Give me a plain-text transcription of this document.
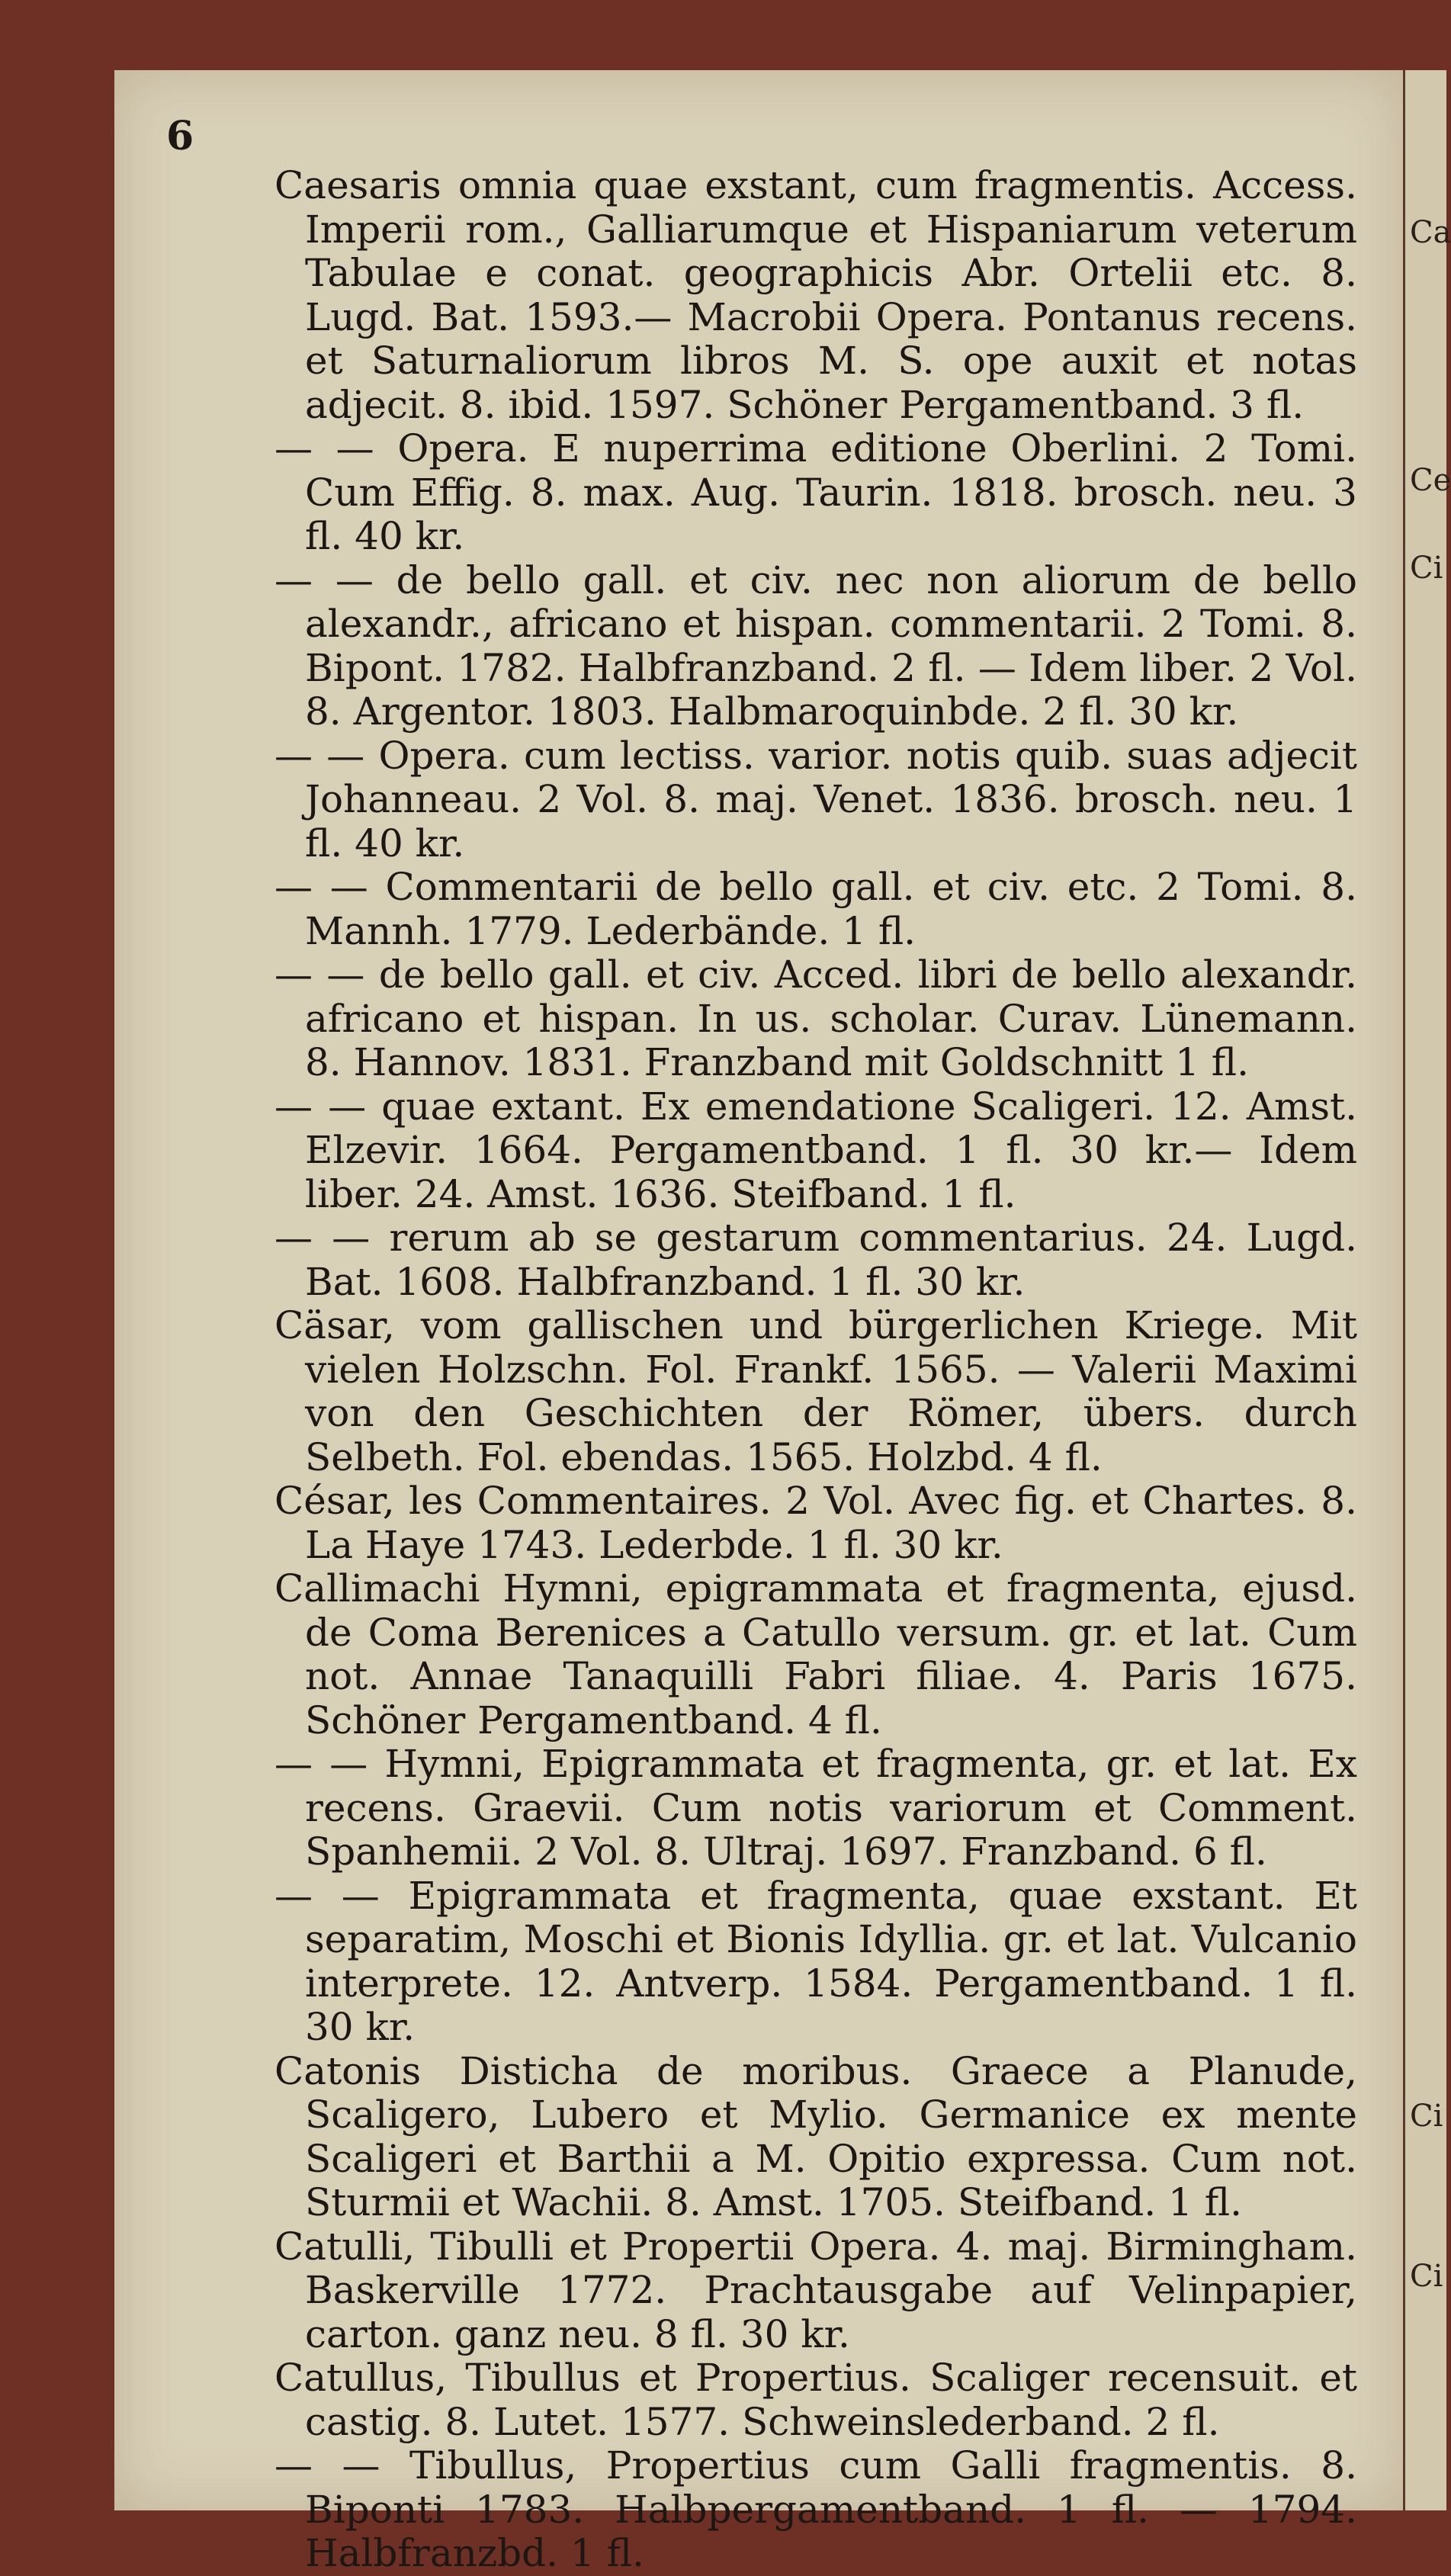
Ca
Ce
Ci
Ci
Ci
6

Caesaris omnia quae exstant, cum fragmentis. Access. Imperii rom., Galliarumque et Hispaniarum veterum Tabulae e conat. geographicis Abr. Ortelii etc. 8. Lugd. Bat. 1593.— Macrobii Opera. Pontanus recens. et Saturnaliorum libros M. S. ope auxit et notas adjecit. 8. ibid. 1597. Schöner Pergamentband. 3 fl.

— — Opera. E nuperrima editione Oberlini. 2 Tomi. Cum Effig. 8. max. Aug. Taurin. 1818. brosch. neu. 3 fl. 40 kr.

— — de bello gall. et civ. nec non aliorum de bello alexandr., africano et hispan. commentarii. 2 Tomi. 8. Bipont. 1782. Halbfranzband. 2 fl. — Idem liber. 2 Vol. 8. Argentor. 1803. Halbmaroquinbde. 2 fl. 30 kr.

— — Opera. cum lectiss. varior. notis quib. suas adjecit Johanneau. 2 Vol. 8. maj. Venet. 1836. brosch. neu. 1 fl. 40 kr.

— — Commentarii de bello gall. et civ. etc. 2 Tomi. 8. Mannh. 1779. Lederbände. 1 fl.

— — de bello gall. et civ. Acced. libri de bello alexandr. africano et hispan. In us. scholar. Curav. Lünemann. 8. Hannov. 1831. Franzband mit Goldschnitt 1 fl.

— — quae extant. Ex emendatione Scaligeri. 12. Amst. Elzevir. 1664. Pergamentband. 1 fl. 30 kr.— Idem liber. 24. Amst. 1636. Steifband. 1 fl.

— — rerum ab se gestarum commentarius. 24. Lugd. Bat. 1608. Halbfranzband. 1 fl. 30 kr.

Cäsar, vom gallischen und bürgerlichen Kriege. Mit vielen Holzschn. Fol. Frankf. 1565. — Valerii Maximi von den Geschichten der Römer, übers. durch Selbeth. Fol. ebendas. 1565. Holzbd. 4 fl.

César, les Commentaires. 2 Vol. Avec fig. et Chartes. 8. La Haye 1743. Lederbde. 1 fl. 30 kr.

Callimachi Hymni, epigrammata et fragmenta, ejusd. de Coma Berenices a Catullo versum. gr. et lat. Cum not. Annae Tanaquilli Fabri filiae. 4. Paris 1675. Schöner Pergamentband. 4 fl.

— — Hymni, Epigrammata et fragmenta, gr. et lat. Ex recens. Graevii. Cum notis variorum et Comment. Spanhemii. 2 Vol. 8. Ultraj. 1697. Franzband. 6 fl.

— — Epigrammata et fragmenta, quae exstant. Et separatim, Moschi et Bionis Idyllia. gr. et lat. Vulcanio interprete. 12. Antverp. 1584. Pergamentband. 1 fl. 30 kr.

Catonis Disticha de moribus. Graece a Planude, Scaligero, Lubero et Mylio. Germanice ex mente Scaligeri et Barthii a M. Opitio expressa. Cum not. Sturmii et Wachii. 8. Amst. 1705. Steifband. 1 fl.

Catulli, Tibulli et Propertii Opera. 4. maj. Birmingham. Baskerville 1772. Prachtausgabe auf Velinpapier, carton. ganz neu. 8 fl. 30 kr.

Catullus, Tibullus et Propertius. Scaliger recensuit. et castig. 8. Lutet. 1577. Schweinslederband. 2 fl.

— — Tibullus, Propertius cum Galli fragmentis. 8. Biponti 1783. Halbpergamentband. 1 fl. — 1794. Halbfranzbd. 1 fl.
